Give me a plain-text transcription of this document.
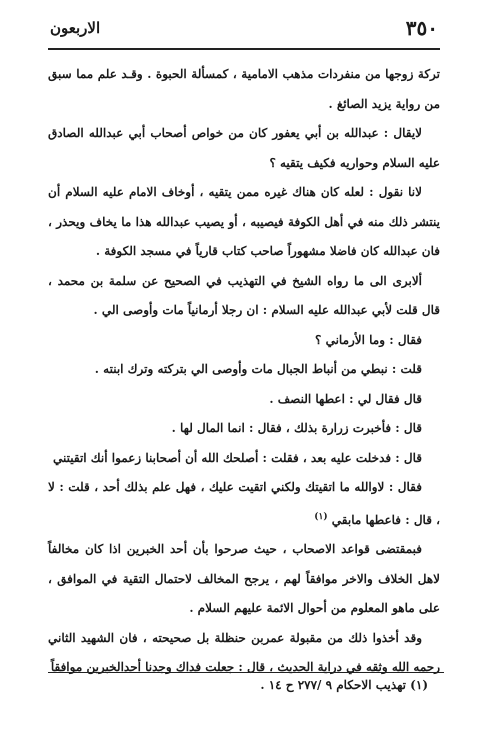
٣٥٠
الاربعون

تركة زوجها من منفردات مذهب الامامية ، كمسألة الحبوة . وقـد علم مما سبق من رواية يزيد الصائغ .

لايقال : عبدالله بن أبي يعفور كان من خواص أصحاب أبي عبدالله الصادق عليه السلام وحواريه فكيف يتقيه ؟

لانا نقول : لعله كان هناك غيره ممن يتقيه ، أوخاف الامام عليه السلام أن ينتشر ذلك منه في أهل الكوفة فيصيبه ، أو يصيب عبدالله هذا ما يخاف ويحذر ، فان عبدالله كان فاضلا مشهوراً صاحب كتاب قارياً في مسجد الكوفة .

ألابرى الى ما رواه الشيخ في التهذيب في الصحيح عن سلمة بن محمد ، قال قلت لأبي عبدالله عليه السلام : ان رجلا أرمانياً مات وأوصى الي .

فقال : وما الأرماني ؟

قلت : نبطي من أنباط الجبال مات وأوصى الي بتركته وترك ابنته .

قال فقال لي : اعطها النصف .

قال : فأخبرت زرارة بذلك ، فقال : انما المال لها .

قال : فدخلت عليه بعد ، فقلت : أصلحك الله أن أصحابنا زعموا أنك اتقيتني

فقال : لاوالله ما اتقيتك ولكني اتقيت عليك ، فهل علم بذلك أحد ، قلت : لا ، قال : فاعطها مابقي $^{(١)}$

فبمقتضى قواعد الاصحاب ، حيث صرحوا بأن أحد الخبرين اذا كان مخالفاً لاهل الخلاف والاخر موافقاً لهم ، يرجح المخالف لاحتمال التقية في الموافق ، على ماهو المعلوم من أحوال الائمة عليهم السلام .

وقد أخذوا ذلك من مقبولة عمربن حنظلة بل صحيحته ، فان الشهيد الثاني رحمه الله وثقه في دراية الحديث ، قال : جعلت فداك وجدنا أحدالخبرين موافقاً

(١) تهذيب الاحكام ٩ /٢٧٧ ح ١٤ .
